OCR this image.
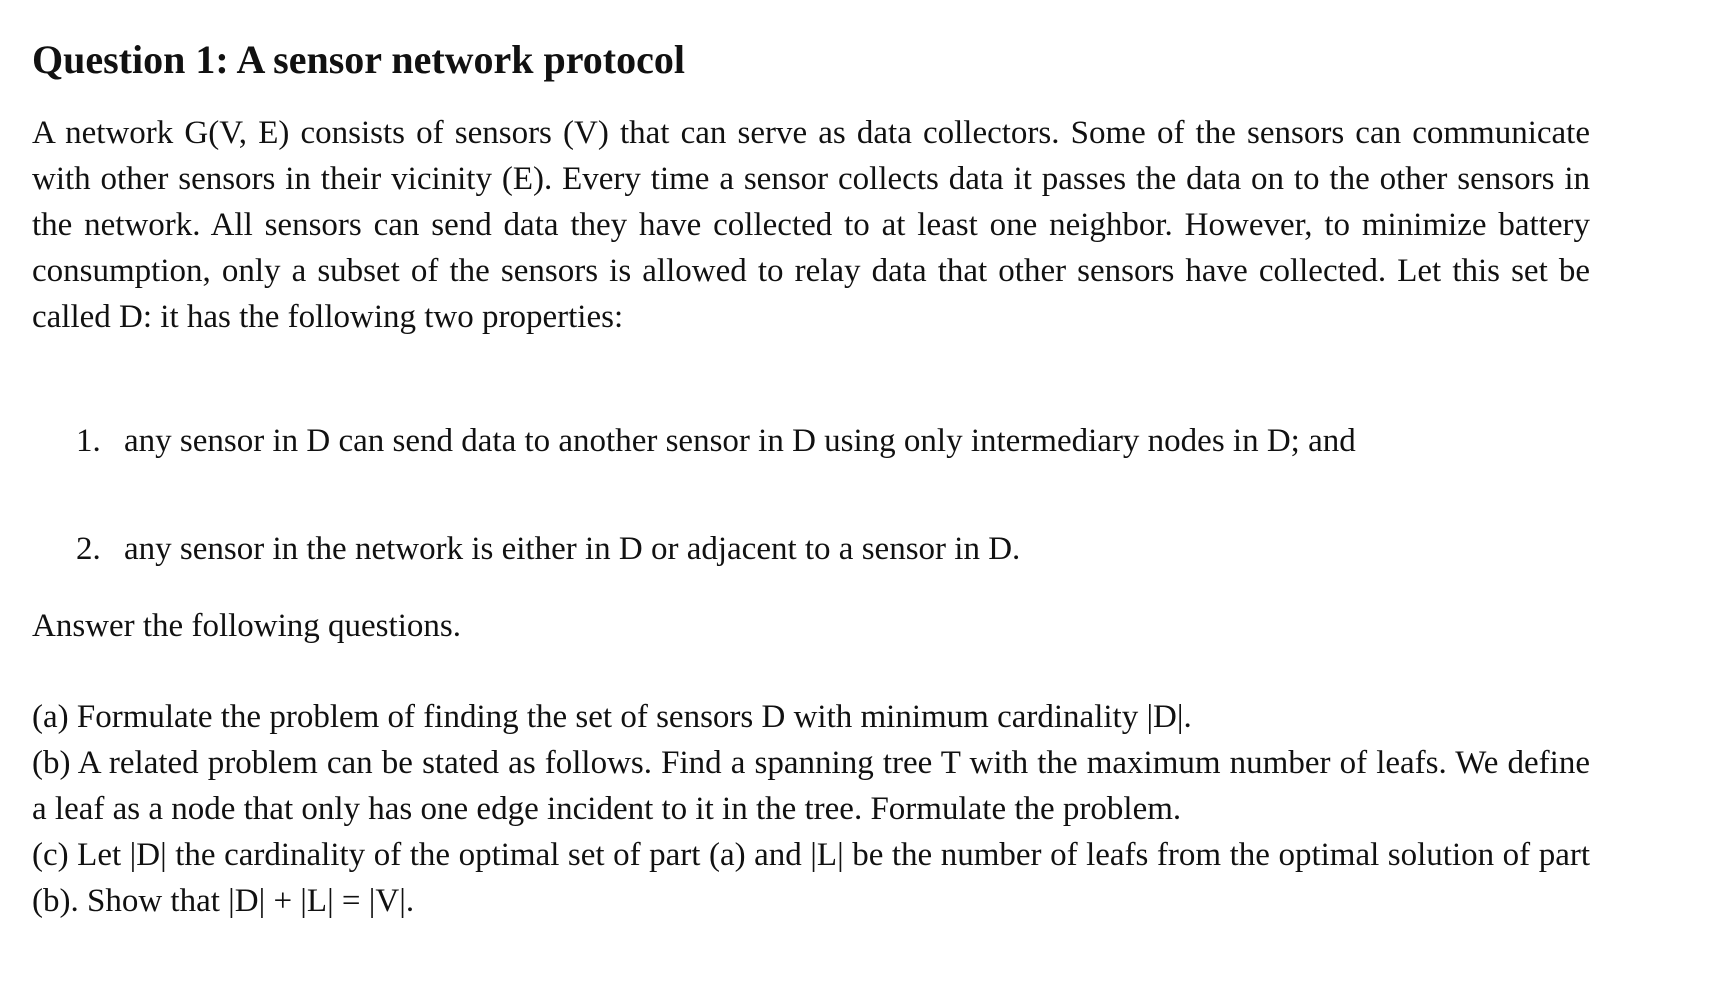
Question 1: A sensor network protocol
A network G(V, E) consists of sensors (V) that can serve as data collectors. Some of the sensors can communicate with other sensors in their vicinity (E). Every time a sensor collects data it passes the data on to the other sensors in the network. All sensors can send data they have collected to at least one neighbor. However, to minimize battery consumption, only a subset of the sensors is allowed to relay data that other sensors have collected. Let this set be called D: it has the following two properties:
1. any sensor in D can send data to another sensor in D using only intermediary nodes in D; and
2. any sensor in the network is either in D or adjacent to a sensor in D.
Answer the following questions.
(a) Formulate the problem of finding the set of sensors D with minimum cardinality |D|.
(b) A related problem can be stated as follows. Find a spanning tree T with the maximum number of leafs. We define a leaf as a node that only has one edge incident to it in the tree. Formulate the problem.
(c) Let |D| the cardinality of the optimal set of part (a) and |L| be the number of leafs from the optimal solution of part (b). Show that |D| + |L| = |V|.
